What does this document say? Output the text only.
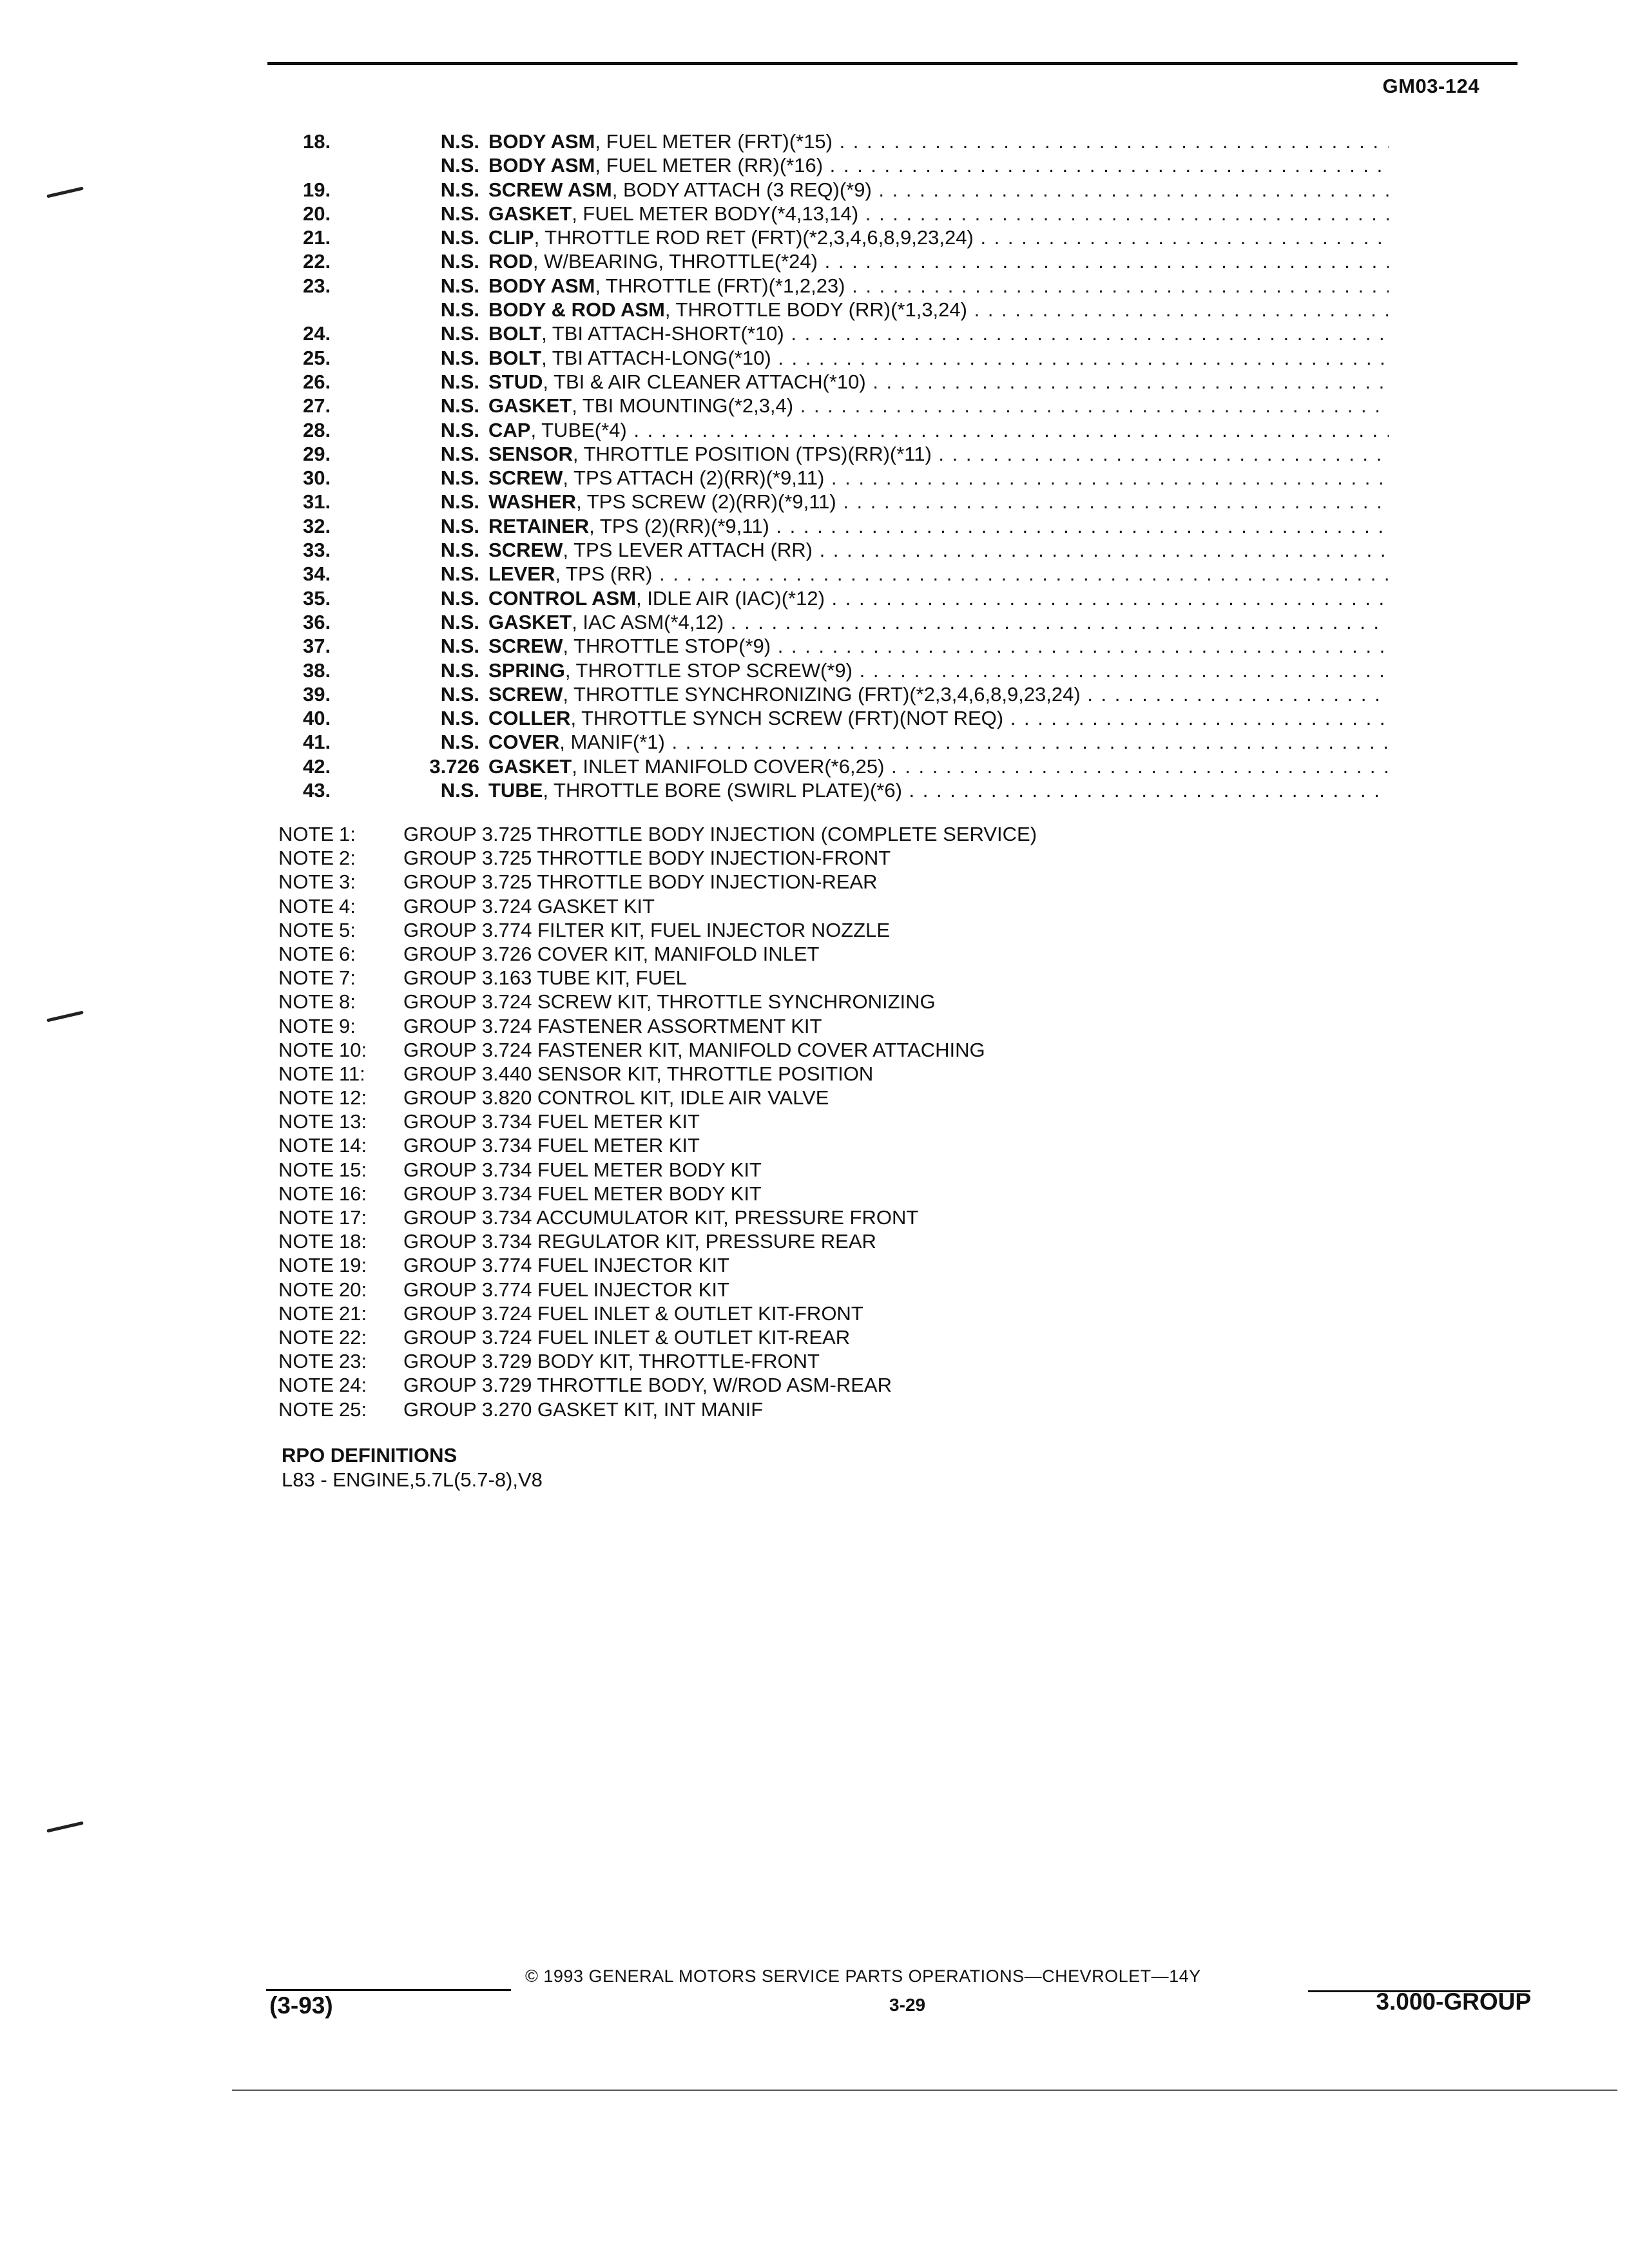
GM03-124
18.	N.S. BODY ASM, FUEL METER (FRT)(*15) . . .
N.S. BODY ASM, FUEL METER (RR)(*16) . . .
19.	N.S. SCREW ASM, BODY ATTACH (3 REQ)(*9) . . .
20.	N.S. GASKET, FUEL METER BODY(*4,13,14) . . .
21.	N.S. CLIP, THROTTLE ROD RET (FRT)(*2,3,4,6,8,9,23,24) . . .
22.	N.S. ROD, W/BEARING, THROTTLE(*24) . . .
23.	N.S. BODY ASM, THROTTLE (FRT)(*1,2,23) . . .
N.S. BODY & ROD ASM, THROTTLE BODY (RR)(*1,3,24) . . .
24.	N.S. BOLT, TBI ATTACH-SHORT(*10) . . .
25.	N.S. BOLT, TBI ATTACH-LONG(*10) . . .
26.	N.S. STUD, TBI & AIR CLEANER ATTACH(*10) . . .
27.	N.S. GASKET, TBI MOUNTING(*2,3,4) . . .
28.	N.S. CAP, TUBE(*4) . . .
29.	N.S. SENSOR, THROTTLE POSITION (TPS)(RR)(*11) . . .
30.	N.S. SCREW, TPS ATTACH (2)(RR)(*9,11) . . .
31.	N.S. WASHER, TPS SCREW (2)(RR)(*9,11) . . .
32.	N.S. RETAINER, TPS (2)(RR)(*9,11) . . .
33.	N.S. SCREW, TPS LEVER ATTACH (RR) . . .
34.	N.S. LEVER, TPS (RR) . . .
35.	N.S. CONTROL ASM, IDLE AIR (IAC)(*12) . . .
36.	N.S. GASKET, IAC ASM(*4,12) . . .
37.	N.S. SCREW, THROTTLE STOP(*9) . . .
38.	N.S. SPRING, THROTTLE STOP SCREW(*9) . . .
39.	N.S. SCREW, THROTTLE SYNCHRONIZING (FRT)(*2,3,4,6,8,9,23,24) . . .
40.	N.S. COLLER, THROTTLE SYNCH SCREW (FRT)(NOT REQ) . . .
41.	N.S. COVER, MANIF(*1) . . .
42.	3.726 GASKET, INLET MANIFOLD COVER(*6,25) . . .
43.	N.S. TUBE, THROTTLE BORE (SWIRL PLATE)(*6) . . .
NOTE 1:	GROUP 3.725 THROTTLE BODY INJECTION (COMPLETE SERVICE)
NOTE 2:	GROUP 3.725 THROTTLE BODY INJECTION-FRONT
NOTE 3:	GROUP 3.725 THROTTLE BODY INJECTION-REAR
NOTE 4:	GROUP 3.724 GASKET KIT
NOTE 5:	GROUP 3.774 FILTER KIT, FUEL INJECTOR NOZZLE
NOTE 6:	GROUP 3.726 COVER KIT, MANIFOLD INLET
NOTE 7:	GROUP 3.163 TUBE KIT, FUEL
NOTE 8:	GROUP 3.724 SCREW KIT, THROTTLE SYNCHRONIZING
NOTE 9:	GROUP 3.724 FASTENER ASSORTMENT KIT
NOTE 10:	GROUP 3.724 FASTENER KIT, MANIFOLD COVER ATTACHING
NOTE 11:	GROUP 3.440 SENSOR KIT, THROTTLE POSITION
NOTE 12:	GROUP 3.820 CONTROL KIT, IDLE AIR VALVE
NOTE 13:	GROUP 3.734 FUEL METER KIT
NOTE 14:	GROUP 3.734 FUEL METER KIT
NOTE 15:	GROUP 3.734 FUEL METER BODY KIT
NOTE 16:	GROUP 3.734 FUEL METER BODY KIT
NOTE 17:	GROUP 3.734 ACCUMULATOR KIT, PRESSURE FRONT
NOTE 18:	GROUP 3.734 REGULATOR KIT, PRESSURE REAR
NOTE 19:	GROUP 3.774 FUEL INJECTOR KIT
NOTE 20:	GROUP 3.774 FUEL INJECTOR KIT
NOTE 21:	GROUP 3.724 FUEL INLET & OUTLET KIT-FRONT
NOTE 22:	GROUP 3.724 FUEL INLET & OUTLET KIT-REAR
NOTE 23:	GROUP 3.729 BODY KIT, THROTTLE-FRONT
NOTE 24:	GROUP 3.729 THROTTLE BODY, W/ROD ASM-REAR
NOTE 25:	GROUP 3.270 GASKET KIT, INT MANIF
RPO DEFINITIONS
L83 - ENGINE,5.7L(5.7-8),V8
© 1993 GENERAL MOTORS SERVICE PARTS OPERATIONS—CHEVROLET—14Y
3-29
(3-93)	3.000-GROUP
